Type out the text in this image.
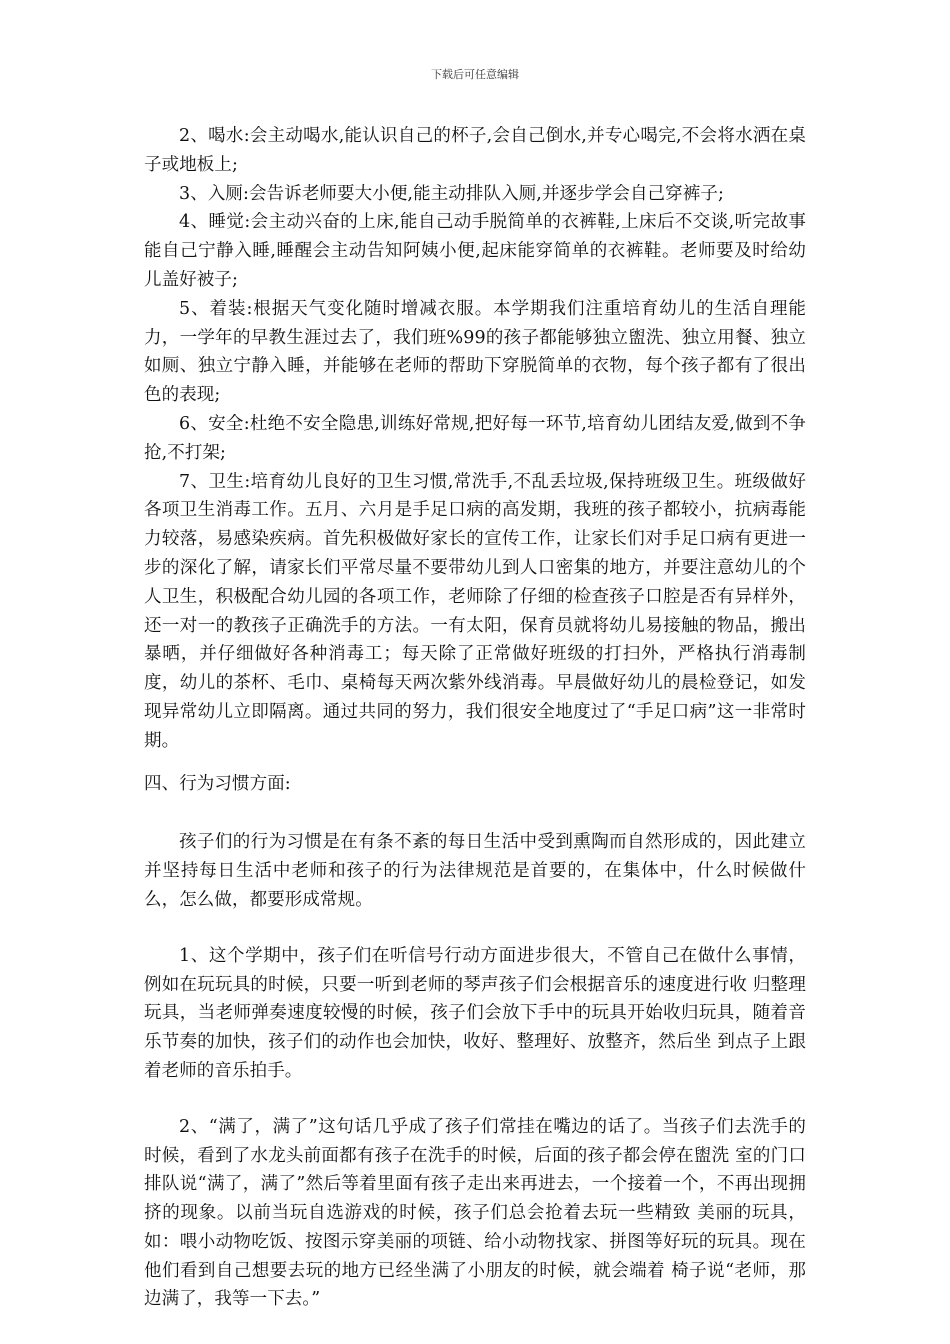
下载后可任意编辑

2、喝水:会主动喝水,能认识自己的杯子,会自己倒水,并专心喝完,不会将水洒在桌子或地板上;

3、入厕:会告诉老师要大小便,能主动排队入厕,并逐步学会自己穿裤子;

4、睡觉:会主动兴奋的上床,能自己动手脱简单的衣裤鞋,上床后不交谈,听完故事能自己宁静入睡,睡醒会主动告知阿姨小便,起床能穿简单的衣裤鞋。老师要及时给幼儿盖好被子;

5、着装:根据天气变化随时增减衣服。本学期我们注重培育幼儿的生活自理能力，一学年的早教生涯过去了，我们班%99的孩子都能够独立盥洗、独立用餐、独立如厕、独立宁静入睡，并能够在老师的帮助下穿脱简单的衣物，每个孩子都有了很出色的表现;

6、安全:杜绝不安全隐患,训练好常规,把好每一环节,培育幼儿团结友爱,做到不争抢,不打架;

7、卫生:培育幼儿良好的卫生习惯,常洗手,不乱丢垃圾,保持班级卫生。班级做好各项卫生消毒工作。五月、六月是手足口病的高发期，我班的孩子都较小，抗病毒能力较落，易感染疾病。首先积极做好家长的宣传工作，让家长们对手足口病有更进一步的深化了解，请家长们平常尽量不要带幼儿到人口密集的地方，并要注意幼儿的个人卫生，积极配合幼儿园的各项工作，老师除了仔细的检查孩子口腔是否有异样外，还一对一的教孩子正确洗手的方法。一有太阳，保育员就将幼儿易接触的物品，搬出暴晒，并仔细做好各种消毒工；每天除了正常做好班级的打扫外，严格执行消毒制度，幼儿的茶杯、毛巾、桌椅每天两次紫外线消毒。早晨做好幼儿的晨检登记，如发现异常幼儿立即隔离。通过共同的努力，我们很安全地度过了“手足口病”这一非常时期。

四、行为习惯方面:

孩子们的行为习惯是在有条不紊的每日生活中受到熏陶而自然形成的，因此建立并坚持每日生活中老师和孩子的行为法律规范是首要的，在集体中，什么时候做什么，怎么做，都要形成常规。

1、这个学期中，孩子们在听信号行动方面进步很大，不管自己在做什么事情，例如在玩玩具的时候，只要一听到老师的琴声孩子们会根据音乐的速度进行收 归整理玩具，当老师弹奏速度较慢的时候，孩子们会放下手中的玩具开始收归玩具，随着音乐节奏的加快，孩子们的动作也会加快，收好、整理好、放整齐，然后坐 到点子上跟着老师的音乐拍手。

2、“满了，满了”这句话几乎成了孩子们常挂在嘴边的话了。当孩子们去洗手的时候，看到了水龙头前面都有孩子在洗手的时候，后面的孩子都会停在盥洗 室的门口排队说“满了，满了”然后等着里面有孩子走出来再进去，一个接着一个，不再出现拥挤的现象。以前当玩自选游戏的时候，孩子们总会抢着去玩一些精致 美丽的玩具，如：喂小动物吃饭、按图示穿美丽的项链、给小动物找家、拼图等好玩的玩具。现在他们看到自己想要去玩的地方已经坐满了小朋友的时候，就会端着 椅子说“老师，那边满了，我等一下去。”
